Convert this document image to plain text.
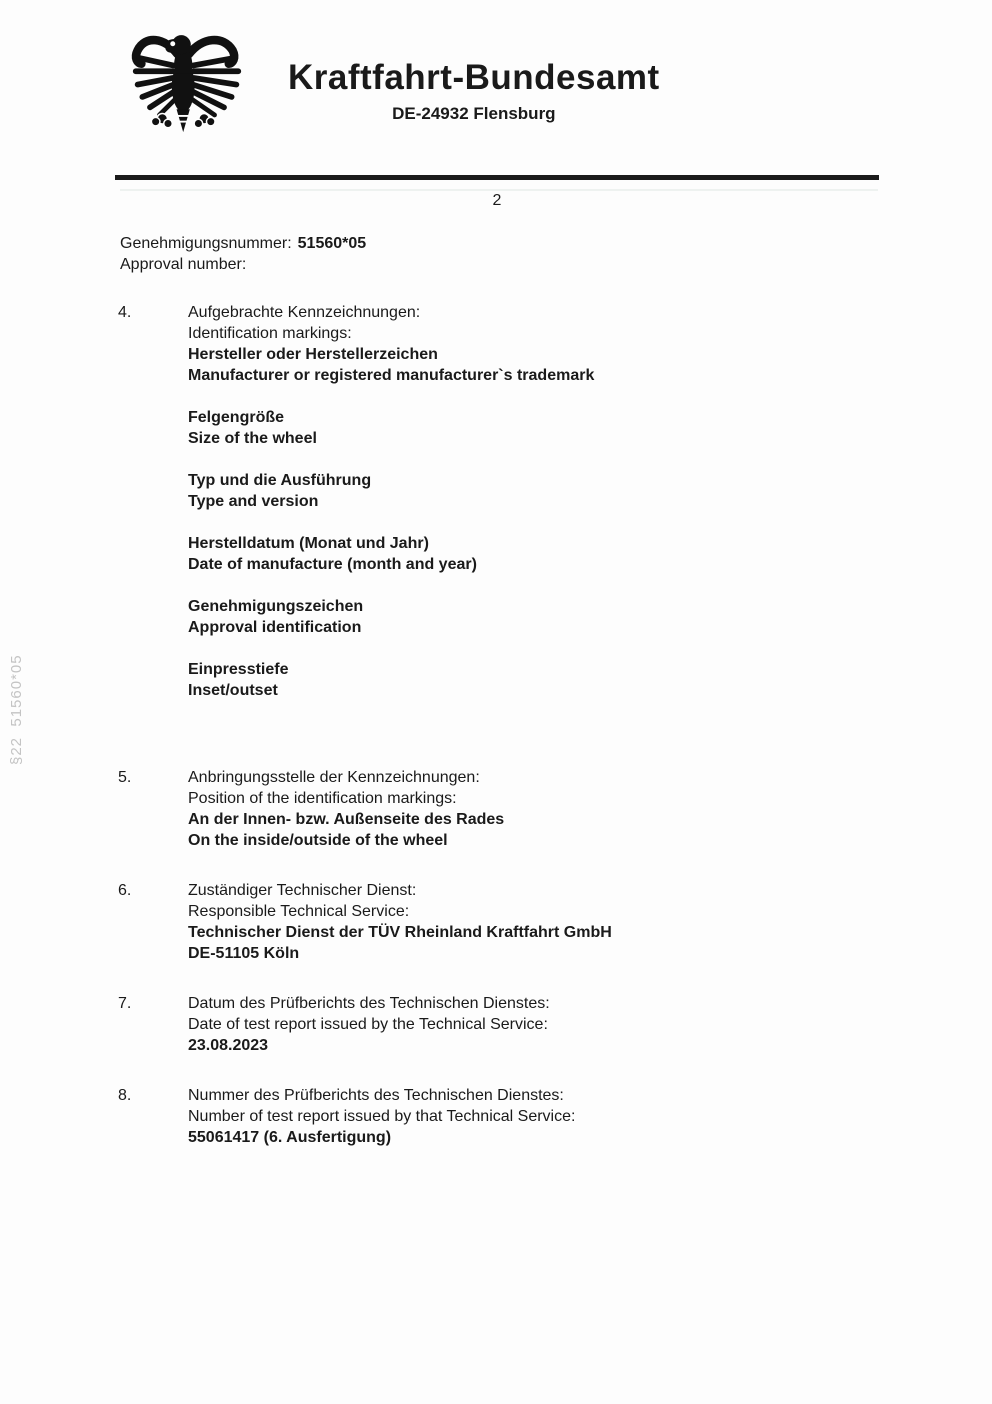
§22  51560*05
Kraftfahrt-Bundesamt
DE-24932 Flensburg
2
Genehmigungsnummer: 51560*05
Approval number:
4.	Aufgebrachte Kennzeichnungen:
Identification markings:
Hersteller oder Herstellerzeichen
Manufacturer or registered manufacturer`s trademark
Felgengröße
Size of the wheel
Typ und die Ausführung
Type and version
Herstelldatum (Monat und Jahr)
Date of manufacture (month and year)
Genehmigungszeichen
Approval identification
Einpresstiefe
Inset/outset
5.	Anbringungsstelle der Kennzeichnungen:
Position of the identification markings:
An der Innen- bzw. Außenseite des Rades
On the inside/outside of the wheel
6.	Zuständiger Technischer Dienst:
Responsible Technical Service:
Technischer Dienst der TÜV Rheinland Kraftfahrt GmbH
DE-51105 Köln
7.	Datum des Prüfberichts des Technischen Dienstes:
Date of test report issued by the Technical Service:
23.08.2023
8.	Nummer des Prüfberichts des Technischen Dienstes:
Number of test report issued by that Technical Service:
55061417 (6. Ausfertigung)
